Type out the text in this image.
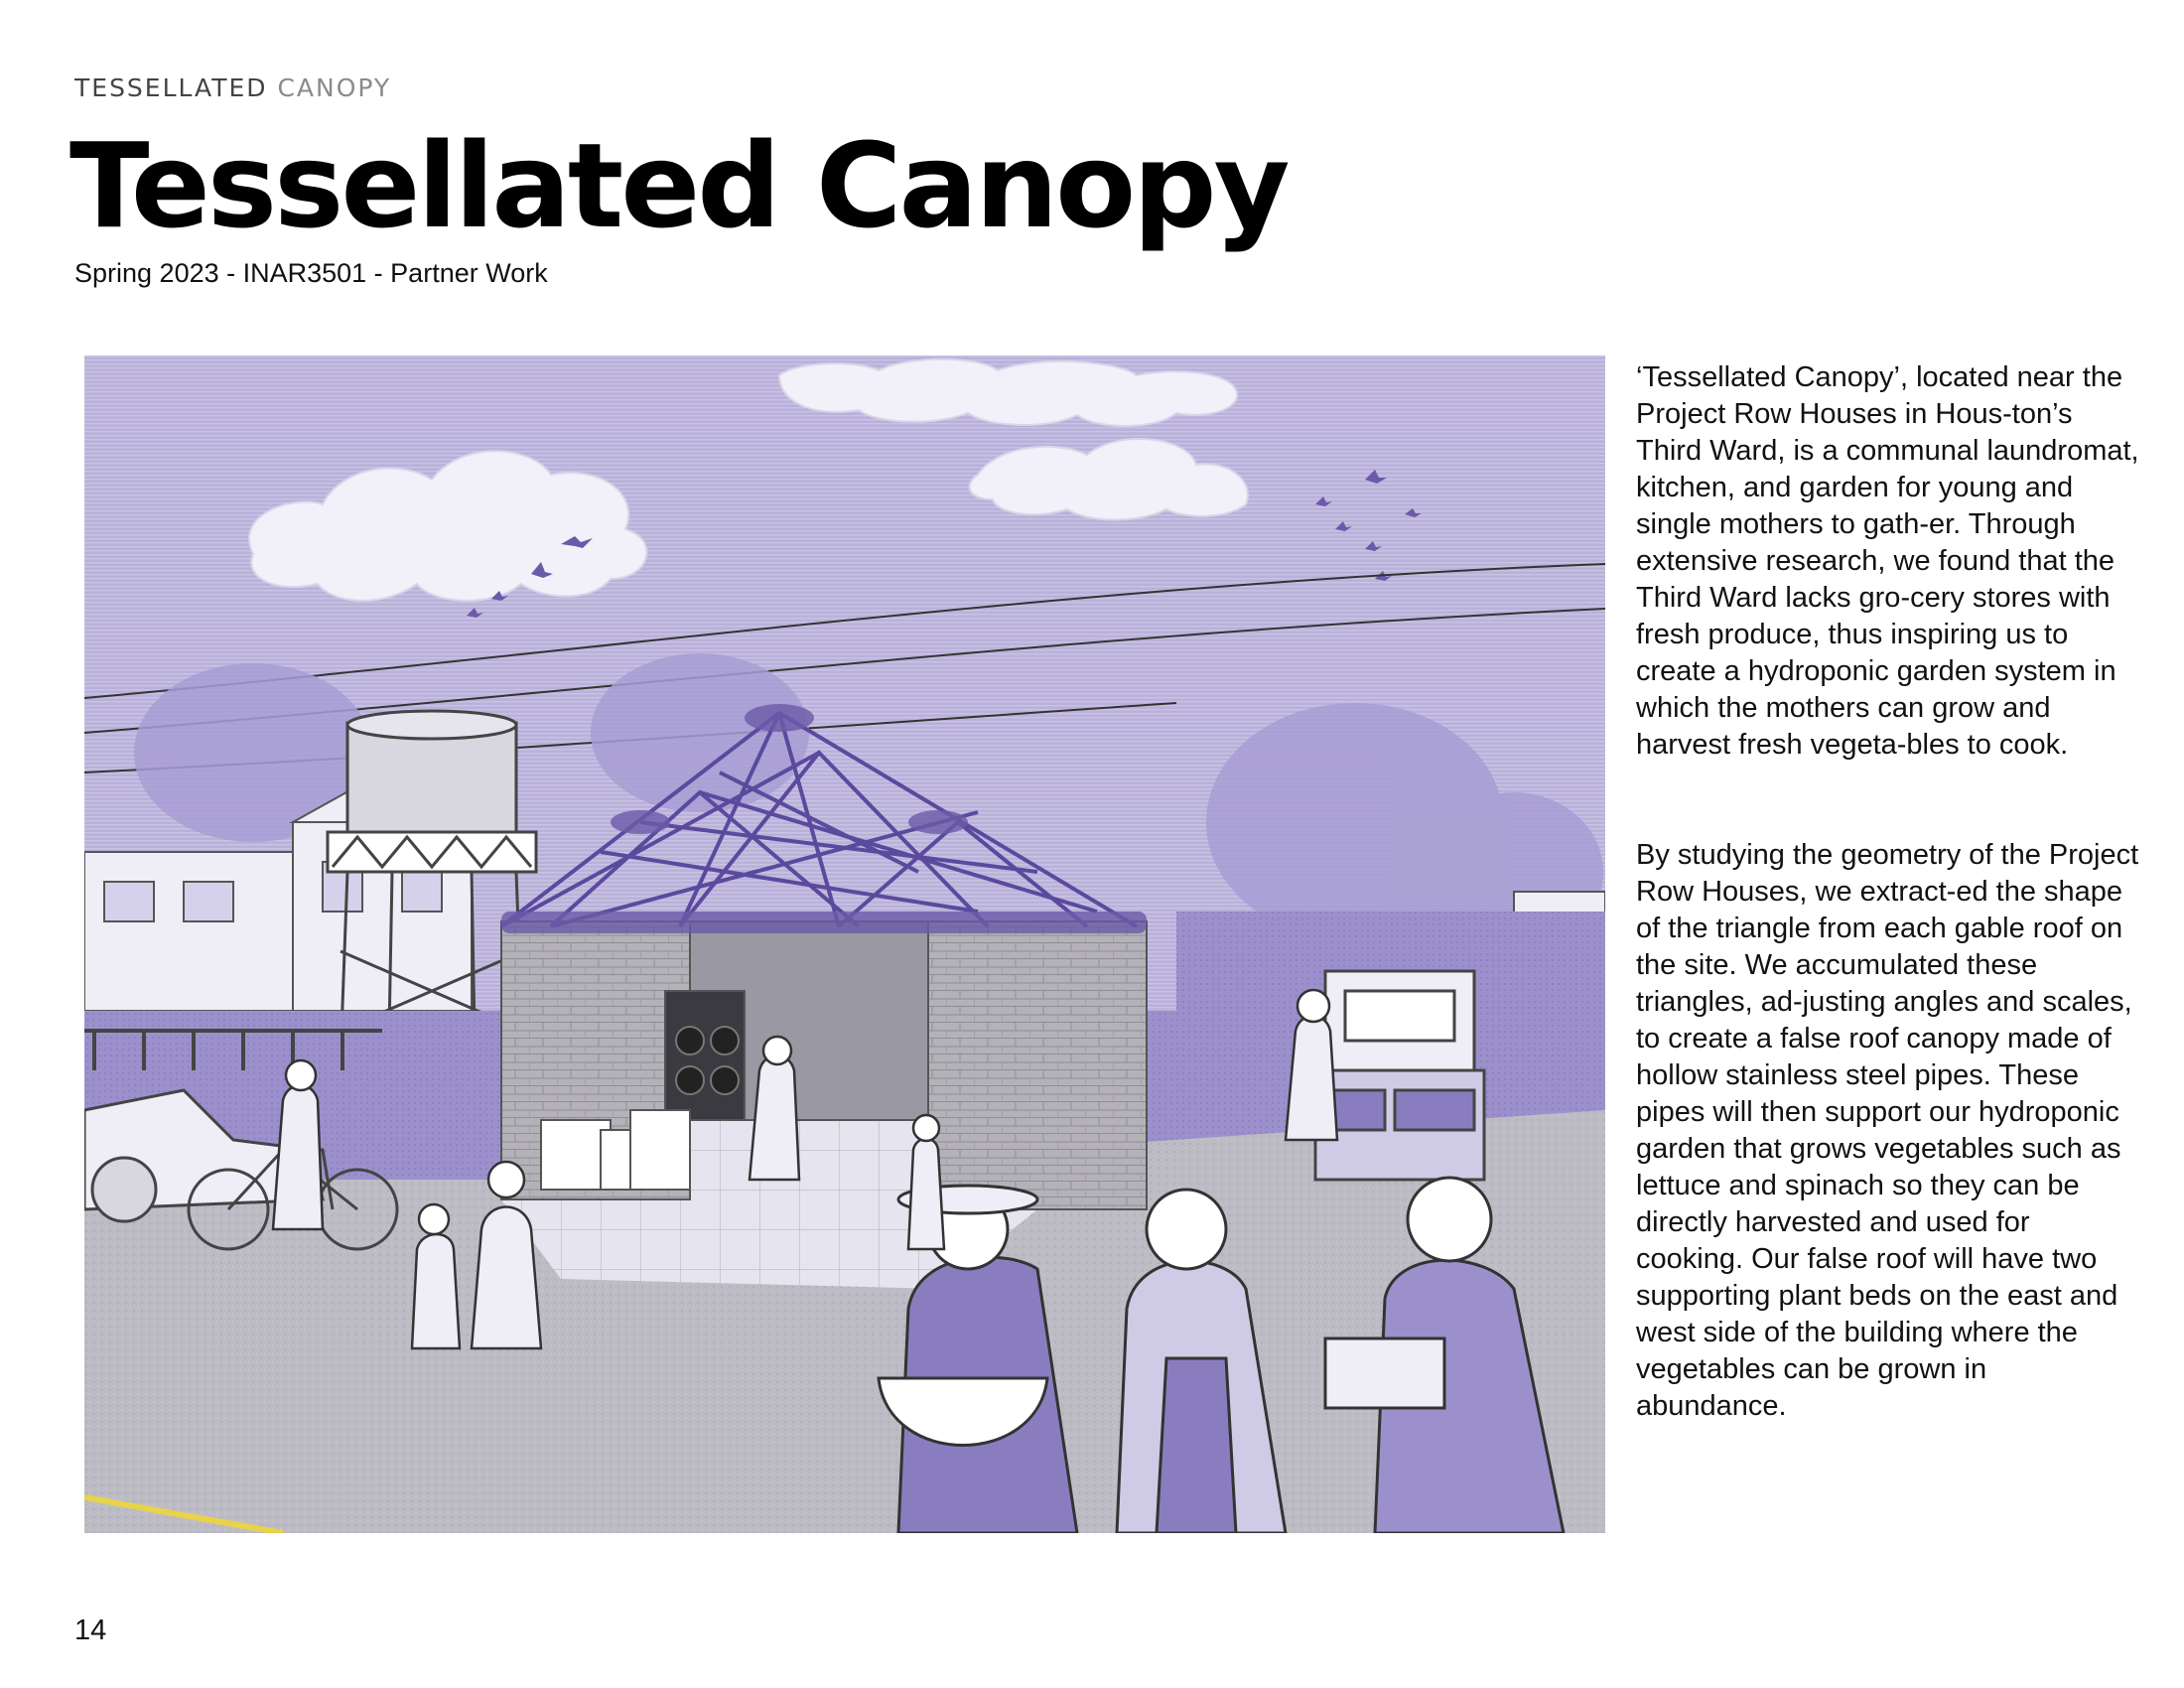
TESSELLATED CANOPY
Tessellated Canopy
Spring 2023 - INAR3501 - Partner Work

‘Tessellated Canopy’, located near the Project Row Houses in Hous-ton’s Third Ward, is a communal laundromat, kitchen, and garden for young and single mothers to gath-er. Through extensive research, we found that the Third Ward lacks gro-cery stores with fresh produce, thus inspiring us to create a hydroponic garden system in which the mothers can grow and harvest fresh vegeta-bles to cook.

By studying the geometry of the Project Row Houses, we extract-ed the shape of the triangle from each gable roof on the site. We accumulated these triangles, ad-justing angles and scales, to create a false roof canopy made of hollow stainless steel pipes. These pipes will then support our hydroponic garden that grows vegetables such as lettuce and spinach so they can be directly harvested and used for cooking. Our false roof will have two supporting plant beds on the east and west side of the building where the vegetables can be grown in abundance.

14
